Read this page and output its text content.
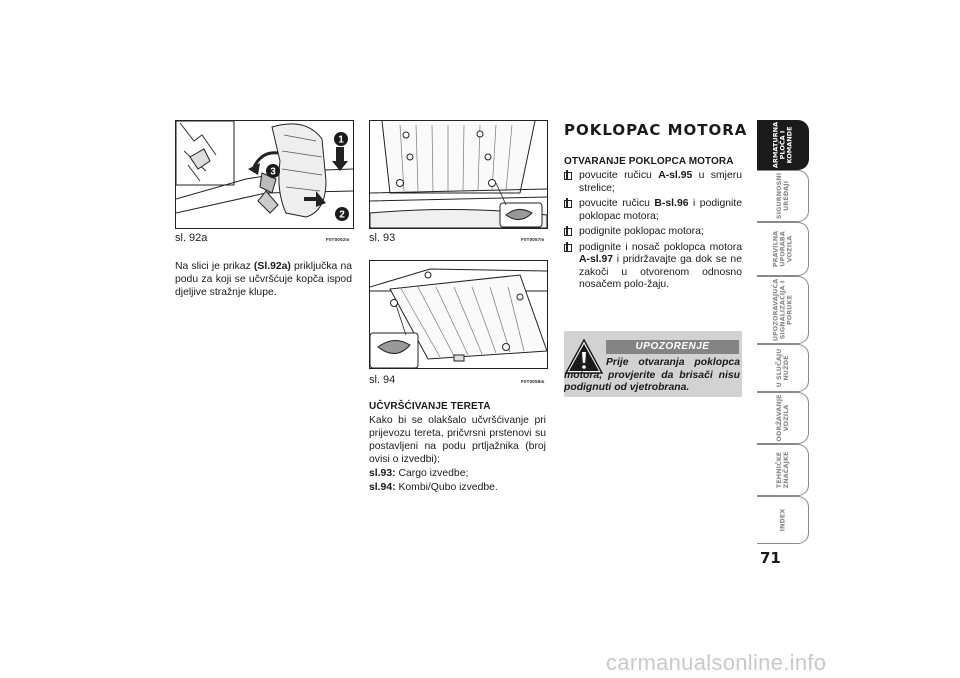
1
2
3
sl. 92a	F0T0002m
Na slici je prikaz (Sl.92a) priključka na podu za koji se učvršćuje kopča ispod djeljive stražnje klupe.
sl. 93	F0T0057m
sl. 94	F0T0058m
UČVRŠĆIVANJE TERETA
Kako bi se olakšalo učvršćivanje pri prijevozu tereta, pričvrsni prstenovi su postavljeni na podu prtljažnika (broj ovisi o izvedbi):
sl.93: Cargo izvedbe;
sl.94: Kombi/Qubo izvedbe.
POKLOPAC MOTORA
OTVARANJE POKLOPCA MOTORA
povucite ručicu A-sl.95 u smjeru strelice;
povucite ručicu B-sl.96 i podignite poklopac motora;
podignite poklopac motora;
podignite i nosač poklopca motora A-sl.97 i pridržavajte ga dok se ne zakoči u otvorenom odnosno nosačem polo-žaju.
UPOZORENJE
Prije otvaranja poklopca motora, provjerite da brisači nisu podignuti od vjetrobrana.
ARMATURNA
PLOČA I
KOMANDE
SIGURNOSNI
UREĐAJI
PRAVILNA
UPORABA
VOZILA
UPOZORAVAJUĆA
SIGNALIZACIJA I
PORUKE
U SLUČAJU
NUŽDE
ODRŽAVANJE
VOZILA
TEHNIČKE
ZNAČAJKE
INDEX
71
carmanualsonline.info
